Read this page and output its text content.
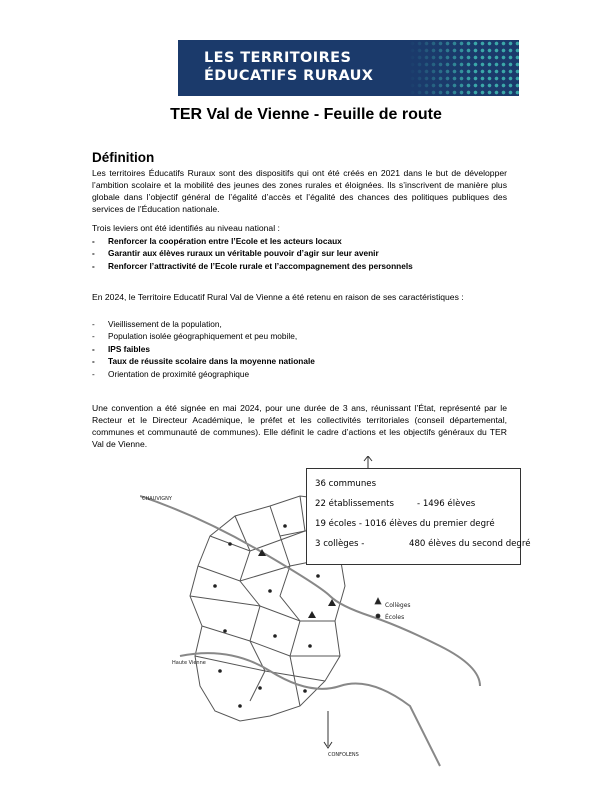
LES TERRITOIRES
ÉDUCATIFS RURAUX
TER Val de Vienne - Feuille de route
Définition
Les territoires Éducatifs Ruraux sont des dispositifs qui ont été créés en 2021 dans le but de développer l’ambition scolaire et la mobilité des jeunes des zones rurales et éloignées. Ils s’inscrivent de manière plus globale dans l’objectif général de l’égalité d’accès et l’égalité des chances des politiques publiques des services de l’Éducation nationale.
Trois leviers ont été identifiés au niveau national :
- Renforcer la coopération entre l’Ecole et les acteurs locaux
- Garantir aux élèves ruraux un véritable pouvoir d’agir sur leur avenir
- Renforcer l’attractivité de l’Ecole rurale et l’accompagnement des personnels
En 2024, le Territoire Educatif Rural Val de Vienne a été retenu en raison de ses caractéristiques :
- Vieillissement de la population,
- Population isolée géographiquement et peu mobile,
- IPS faibles
- Taux de réussite scolaire dans la moyenne nationale
- Orientation de proximité géographique
Une convention a été signée en mai 2024, pour une durée de 3 ans, réunissant l’État, représenté par le Recteur et le Directeur Académique, le préfet et les collectivités territoriales (conseil départemental, communes et communauté de communes). Elle définit le cadre d’actions et les objectifs généraux du TER Val de Vienne.
Collèges
Écoles
CHAUVIGNY
Haute Vienne
CONFOLENS
36 communes
22 établissements	- 1496 élèves
19 écoles - 1016 élèves du premier degré
3 collèges -	480 élèves du second degré
